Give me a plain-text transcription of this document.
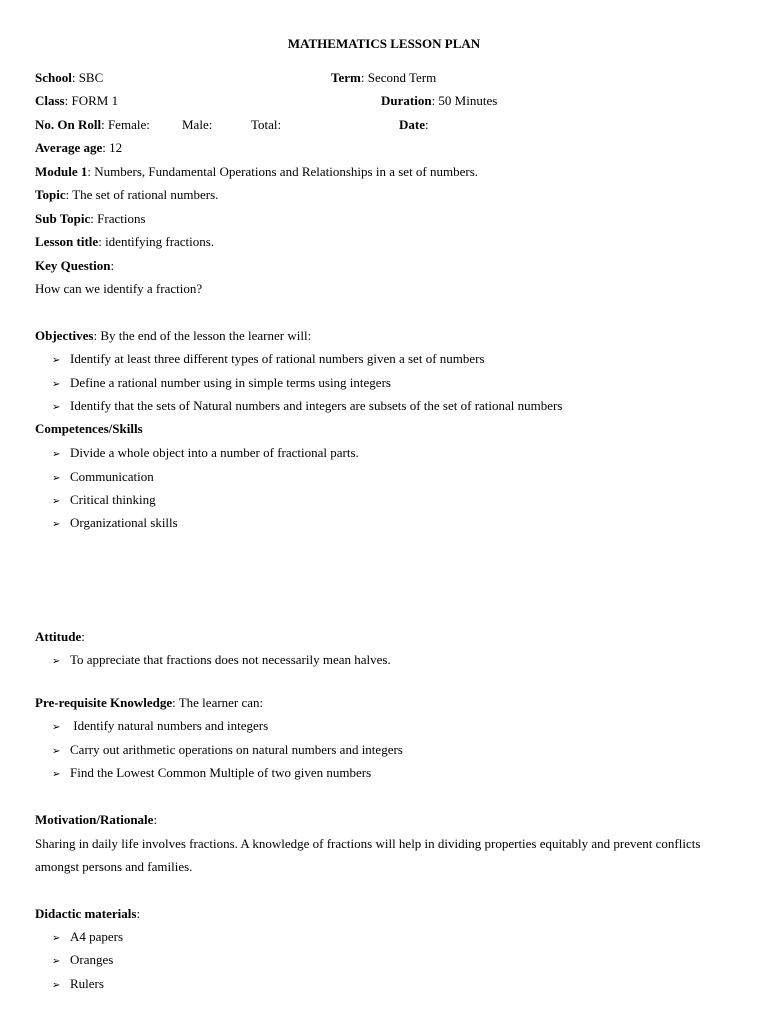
MATHEMATICS LESSON PLAN
School: SBC	Term: Second Term
Class: FORM 1	Duration: 50 Minutes
No. On Roll: Female: Male:	Total:	Date:
Average age: 12
Module 1: Numbers, Fundamental Operations and Relationships in a set of numbers.
Topic: The set of rational numbers.
Sub Topic: Fractions
Lesson title: identifying fractions.
Key Question:
How can we identify a fraction?
Objectives: By the end of the lesson the learner will:
➢ Identify at least three different types of rational numbers given a set of numbers
➢ Define a rational number using in simple terms using integers
➢ Identify that the sets of Natural numbers and integers are subsets of the set of rational numbers
Competences/Skills
➢ Divide a whole object into a number of fractional parts.
➢ Communication
➢ Critical thinking
➢ Organizational skills
Attitude:
➢ To appreciate that fractions does not necessarily mean halves.
Pre-requisite Knowledge: The learner can:
➢ Identify natural numbers and integers
➢ Carry out arithmetic operations on natural numbers and integers
➢ Find the Lowest Common Multiple of two given numbers
Motivation/Rationale:
Sharing in daily life involves fractions. A knowledge of fractions will help in dividing properties equitably and prevent conflicts amongst persons and families.
Didactic materials:
➢ A4 papers
➢ Oranges
➢ Rulers
